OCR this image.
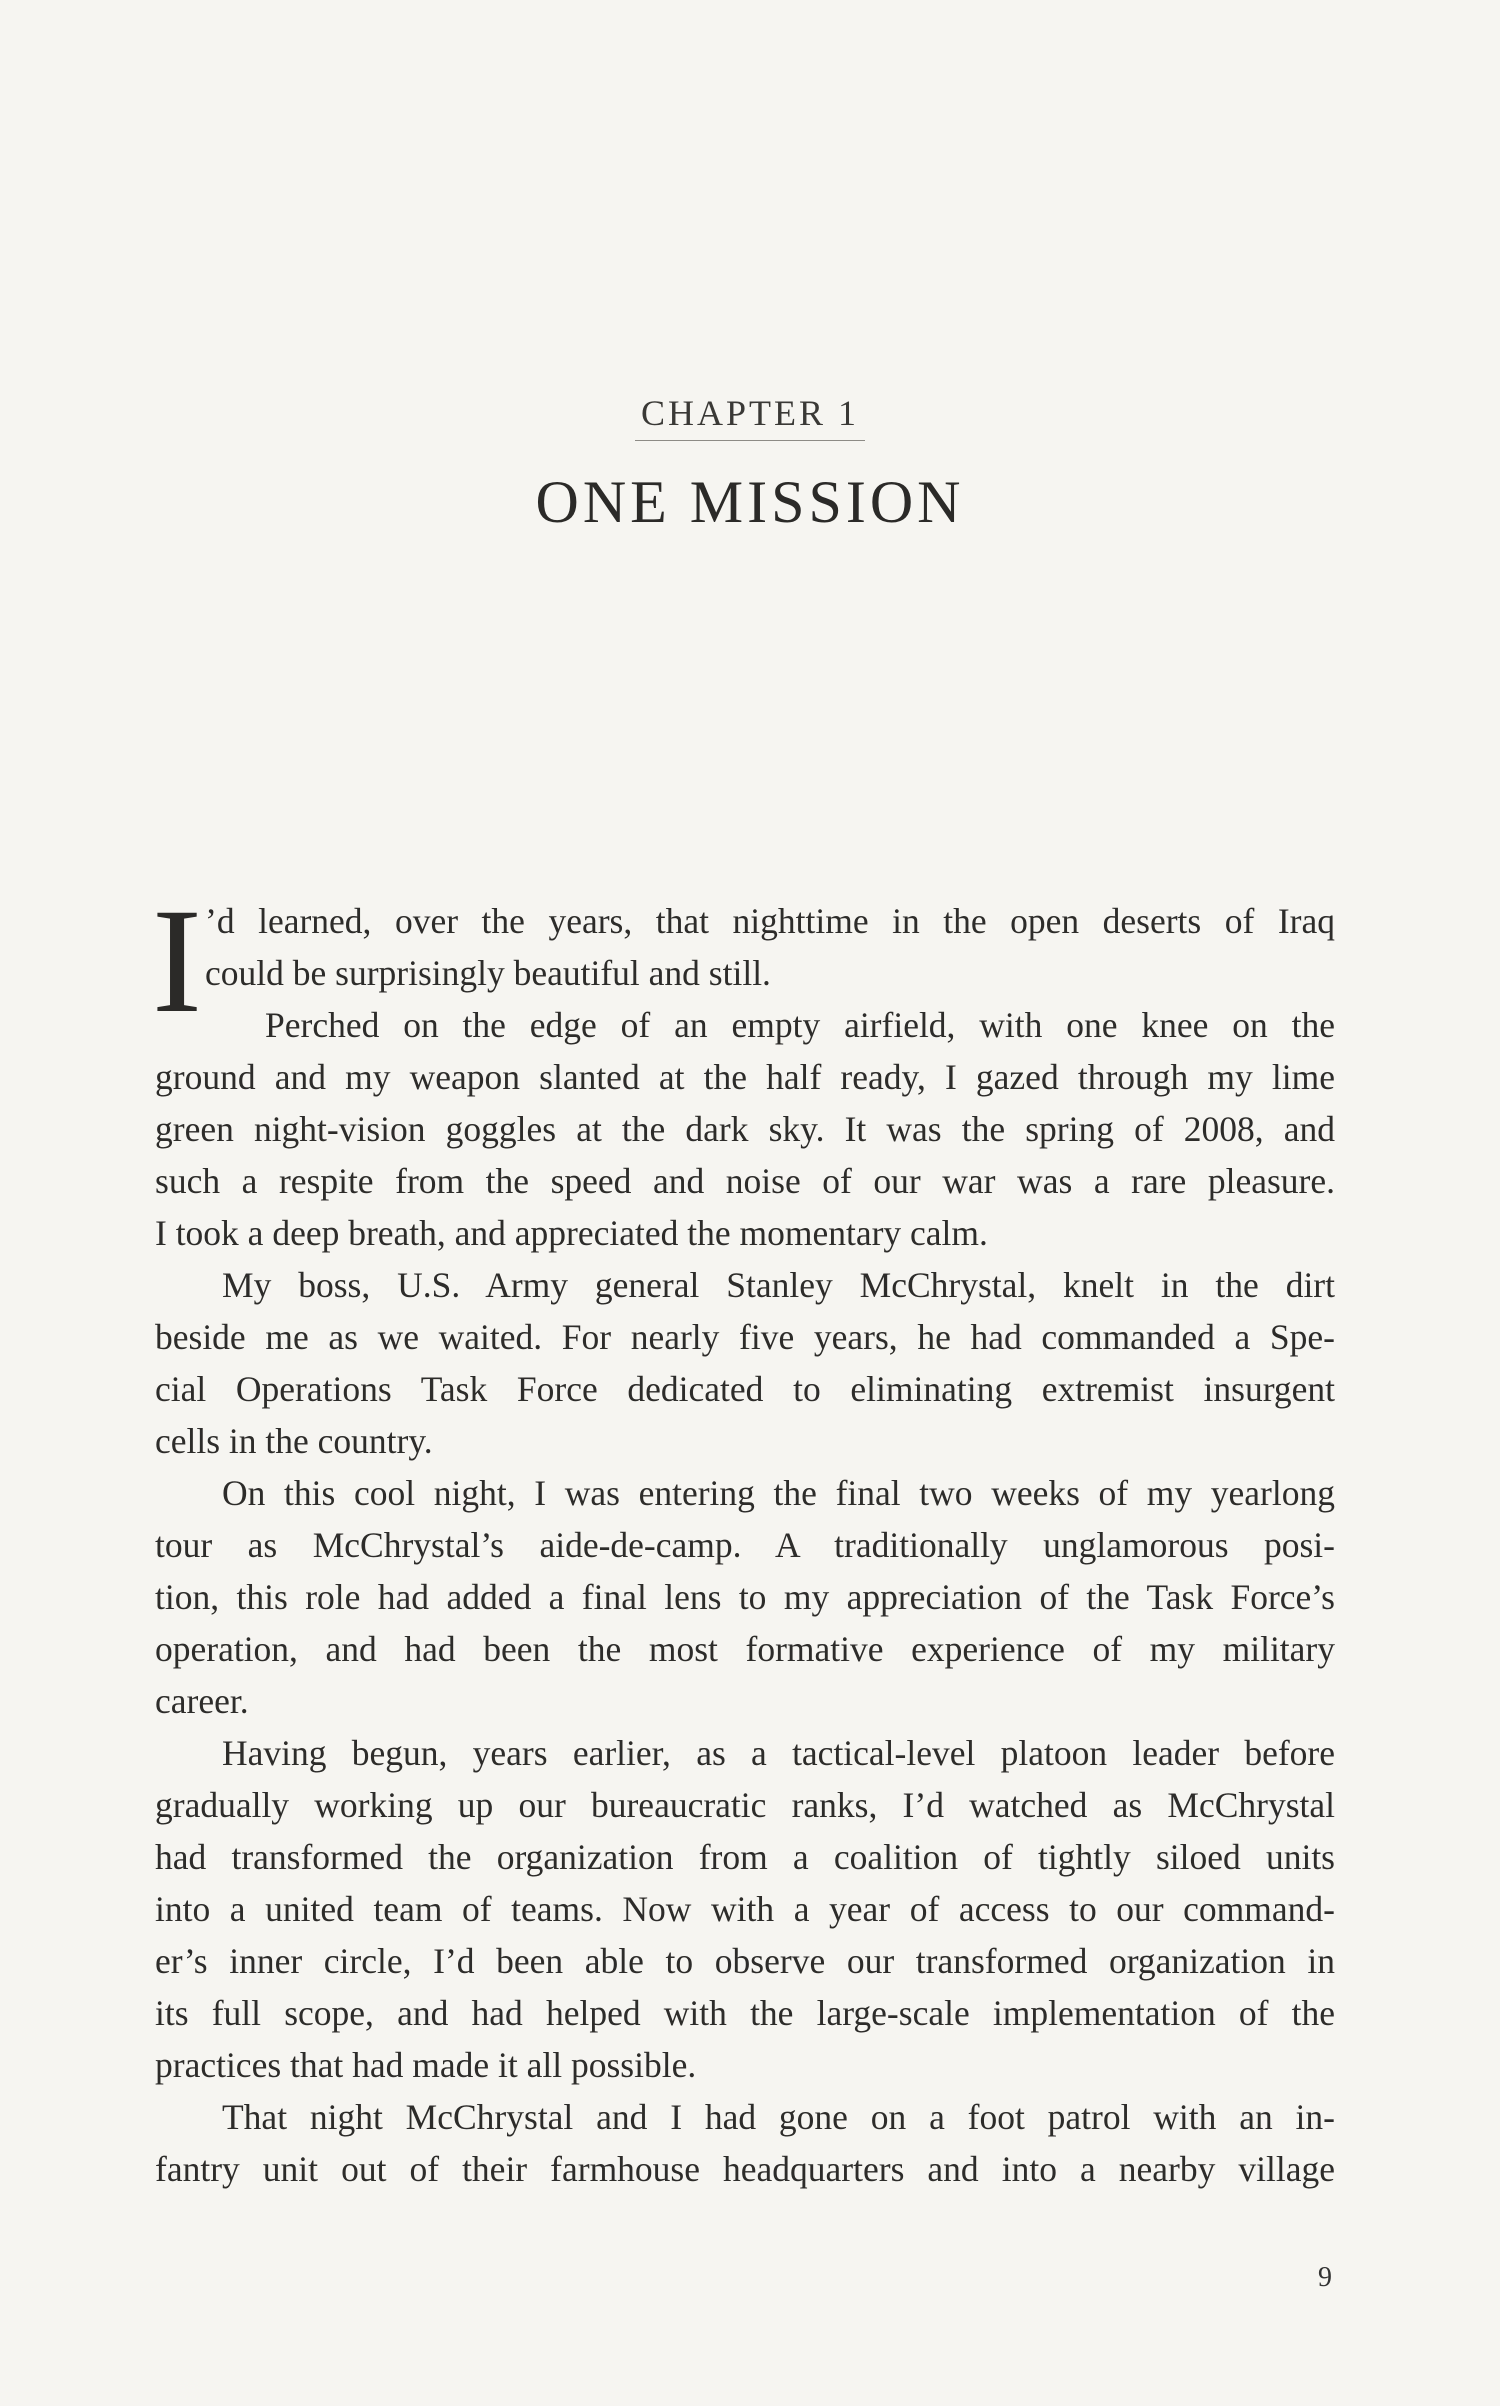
CHAPTER 1
ONE MISSION
I ’d learned, over the years, that nighttime in the open deserts of Iraq
could be surprisingly beautiful and still.
Perched on the edge of an empty airfield, with one knee on the
ground and my weapon slanted at the half ready, I gazed through my lime
green night-vision goggles at the dark sky. It was the spring of 2008, and
such a respite from the speed and noise of our war was a rare pleasure.
I took a deep breath, and appreciated the momentary calm.
My boss, U.S. Army general Stanley McChrystal, knelt in the dirt
beside me as we waited. For nearly five years, he had commanded a Spe-
cial Operations Task Force dedicated to eliminating extremist insurgent
cells in the country.
On this cool night, I was entering the final two weeks of my yearlong
tour as McChrystal’s aide-de-camp. A traditionally unglamorous posi-
tion, this role had added a final lens to my appreciation of the Task Force’s
operation, and had been the most formative experience of my military
career.
Having begun, years earlier, as a tactical-level platoon leader before
gradually working up our bureaucratic ranks, I’d watched as McChrystal
had transformed the organization from a coalition of tightly siloed units
into a united team of teams. Now with a year of access to our command-
er’s inner circle, I’d been able to observe our transformed organization in
its full scope, and had helped with the large-scale implementation of the
practices that had made it all possible.
That night McChrystal and I had gone on a foot patrol with an in-
fantry unit out of their farmhouse headquarters and into a nearby village
9
